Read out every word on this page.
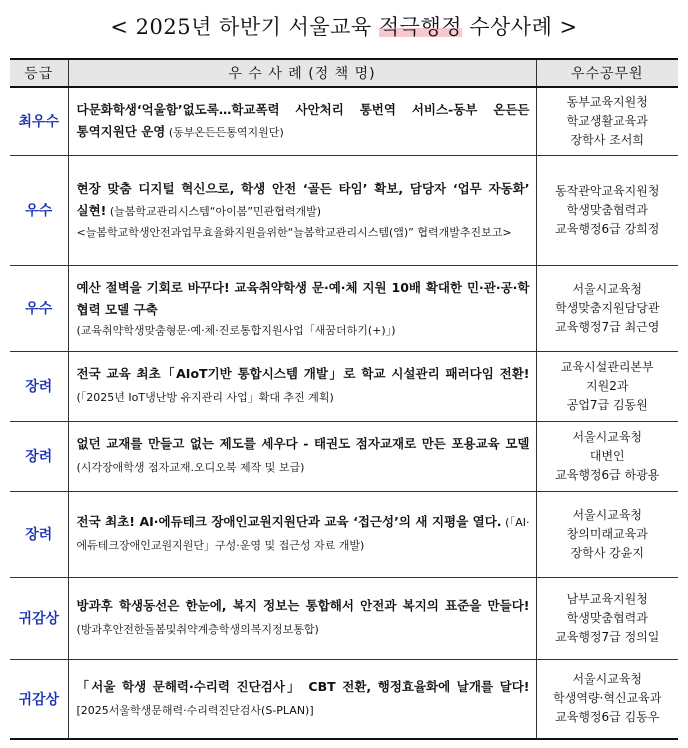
< 2025년 하반기 서울교육 적극행정 수상사례 >
등급	우 수 사 례 (정 책 명)	우수공무원
최우수	다문화학생‘억울함’없도록…학교폭력 사안처리 통번역 서비스-동부 온든든 통역지원단 운영 (동부온든든통역지원단)	동부교육지원청
학교생활교육과
장학사 조서희

우수	현장 맞춤 디지털 혁신으로, 학생 안전 ‘골든 타임’ 확보, 담당자 ‘업무 자동화’ 실현! (늘봄학교관리시스템“아이봄”민관협력개발)
<늘봄학교학생안전과업무효율화지원을위한“늘봄학교관리시스템(앱)” 협력개발추진보고>	동작관악교육지원청
학생맞춤협력과
교육행정6급 강희정

우수	예산 절벽을 기회로 바꾸다! 교육취약학생 문·예·체 지원 10배 확대한 민·관·공·학 협력 모델 구축
(교육취약학생맞춤형문·예·체·진로통합지원사업「새꿈더하기(+)」)	서울시교육청
학생맞춤지원담당관
교육행정7급 최근영

장려	전국 교육 최초「AIoT기반 통합시스템 개발」로 학교 시설관리 패러다임 전환! (「2025년 IoT냉난방 유지관리 사업」확대 추진 계획)	교육시설관리본부
지원2과
공업7급 김동원

장려	없던 교재를 만들고 없는 제도를 세우다 - 태권도 점자교재로 만든 포용교육 모델 (시각장애학생 점자교재.오디오북 제작 및 보급)	서울시교육청
대변인
교육행정6급 하광용

장려	전국 최초! AI·에듀테크 장애인교원지원단과 교육 ‘접근성’의 새 지평을 열다. (「AI·에듀테크장애인교원지원단」구성·운영 및 접근성 자료 개발)	서울시교육청
창의미래교육과
장학사 강윤지

귀감상	방과후 학생동선은 한눈에, 복지 정보는 통합해서 안전과 복지의 표준을 만들다! (방과후안전한돌봄및취약계층학생의복지정보통합)	남부교육지원청
학생맞춤협력과
교육행정7급 정의일

귀감상	「서울 학생 문해력·수리력 진단검사」 CBT 전환, 행정효율화에 날개를 달다! [2025서울학생문해력·수리력진단검사(S-PLAN)]	서울시교육청
학생역량·혁신교육과
교육행정6급 김동우
